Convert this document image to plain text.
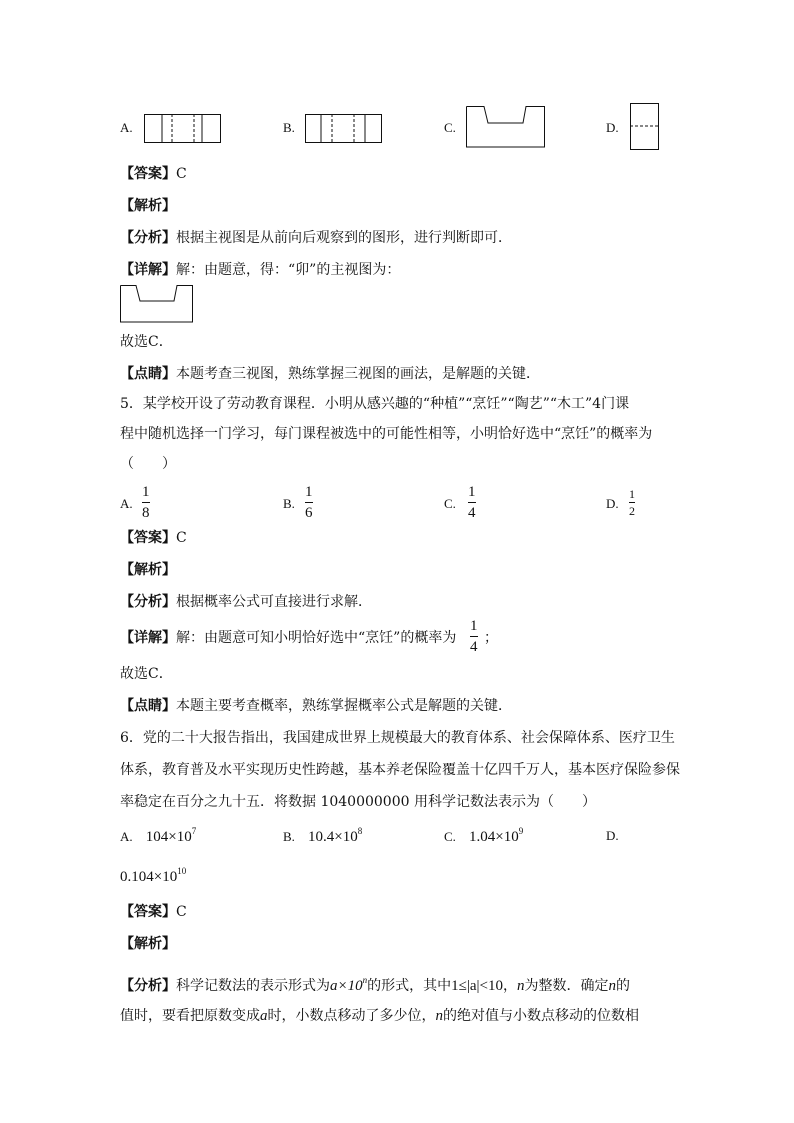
A.	B.	C.	D.
【答案】C
【解析】
【分析】根据主视图是从前向后观察到的图形，进行判断即可．
【详解】解：由题意，得：“卯”的主视图为：
故选C．
【点睛】本题考查三视图，熟练掌握三视图的画法，是解题的关键．
5．某学校开设了劳动教育课程．小明从感兴趣的“种植”“烹饪”“陶艺”“木工”4门课
程中随机选择一门学习，每门课程被选中的可能性相等，小明恰好选中“烹饪”的概率为
（　　）
A.
1
8
B.
1
6
C.
1
4
D.
1
2
【答案】C
【解析】
【分析】根据概率公式可直接进行求解．
【详解】解：由题意可知小明恰好选中“烹饪”的概率为
1
4
；
故选C．
【点睛】本题主要考查概率，熟练掌握概率公式是解题的关键．
6．党的二十大报告指出，我国建成世界上规模最大的教育体系、社会保障体系、医疗卫生
体系，教育普及水平实现历史性跨越，基本养老保险覆盖十亿四千万人，基本医疗保险参保
率稳定在百分之九十五．将数据 1040000000 用科学记数法表示为（　　）
A. $104\times 10^7$	B. $10.4\times 10^8$	C. $1.04\times 10^9$	D.
$0.104\times 10^{10}$
【答案】C
【解析】
【分析】科学记数法的表示形式为$a\times 10^n$的形式，其中1≤|a|<10，n为整数．确定n的
值时，要看把原数变成a时，小数点移动了多少位，n的绝对值与小数点移动的位数相
